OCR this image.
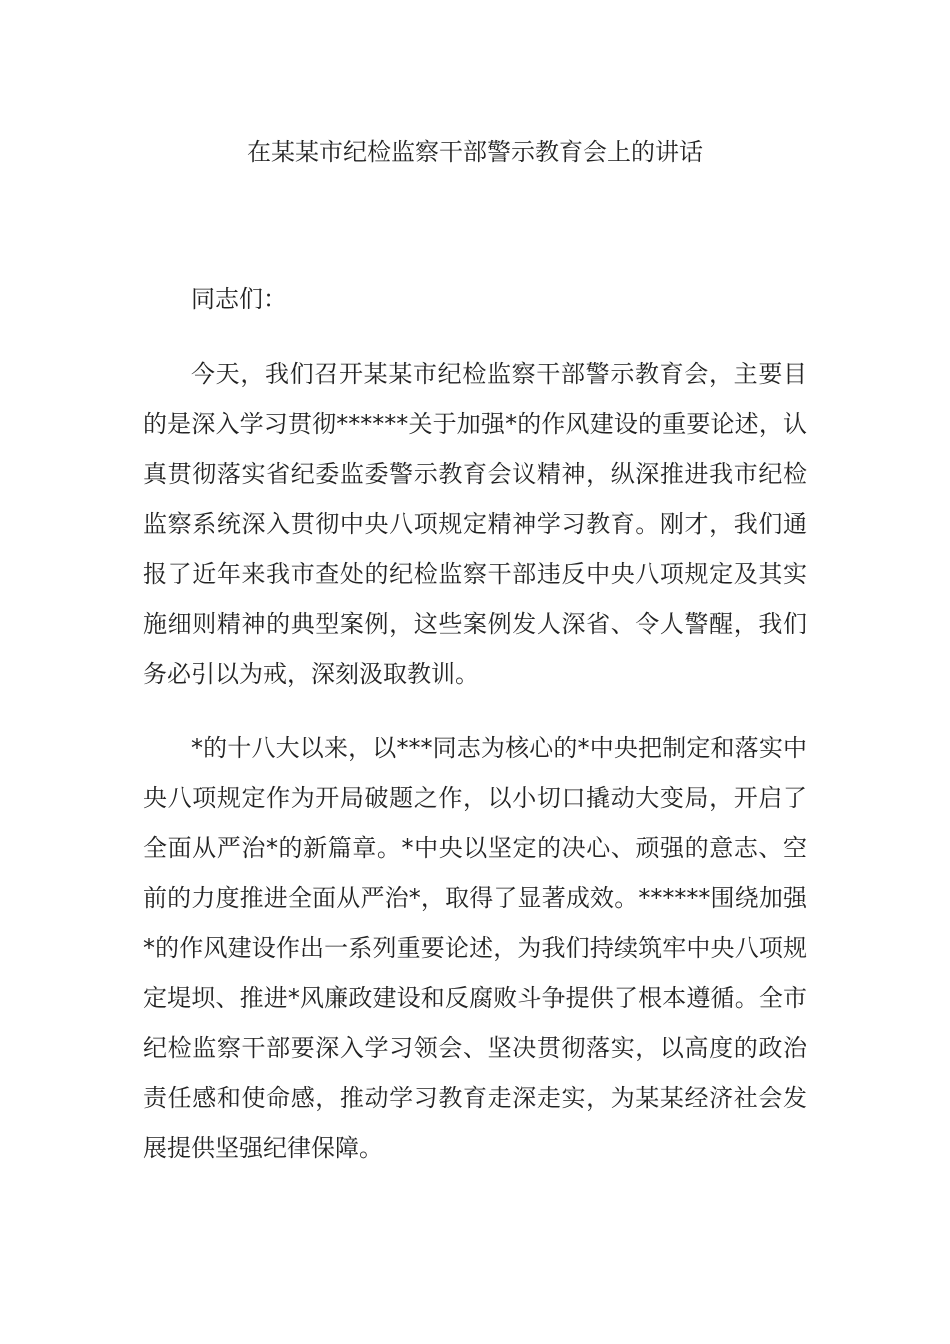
在某某市纪检监察干部警示教育会上的讲话

同志们：

今天，我们召开某某市纪检监察干部警示教育会，主要目的是深入学习贯彻******关于加强*的作风建设的重要论述，认真贯彻落实省纪委监委警示教育会议精神，纵深推进我市纪检监察系统深入贯彻中央八项规定精神学习教育。刚才，我们通报了近年来我市查处的纪检监察干部违反中央八项规定及其实施细则精神的典型案例，这些案例发人深省、令人警醒，我们务必引以为戒，深刻汲取教训。

*的十八大以来，以***同志为核心的*中央把制定和落实中央八项规定作为开局破题之作，以小切口撬动大变局，开启了全面从严治*的新篇章。*中央以坚定的决心、顽强的意志、空前的力度推进全面从严治*，取得了显著成效。******围绕加强*的作风建设作出一系列重要论述，为我们持续筑牢中央八项规定堤坝、推进*风廉政建设和反腐败斗争提供了根本遵循。全市纪检监察干部要深入学习领会、坚决贯彻落实，以高度的政治责任感和使命感，推动学习教育走深走实，为某某经济社会发展提供坚强纪律保障。
